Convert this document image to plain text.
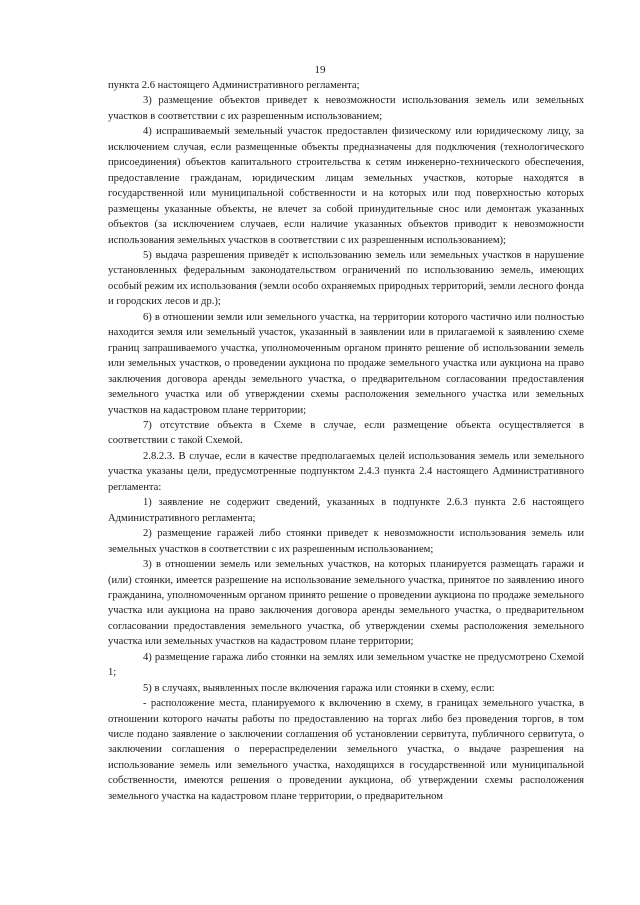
19

пункта 2.6 настоящего Административного регламента;

3) размещение объектов приведет к невозможности использования земель или земельных участков в соответствии с их разрешенным использованием;

4) испрашиваемый земельный участок предоставлен физическому или юридическому лицу, за исключением случая, если размещенные объекты предназначены для подключения (технологического присоединения) объектов капитального строительства к сетям инженерно-технического обеспечения, предоставление гражданам, юридическим лицам земельных участков, которые находятся в государственной или муниципальной собственности и на которых или под поверхностью которых размещены указанные объекты, не влечет за собой принудительные снос или демонтаж указанных объектов (за исключением случаев, если наличие указанных объектов приводит к невозможности использования земельных участков в соответствии с их разрешенным использованием);

5) выдача разрешения приведёт к использованию земель или земельных участков в нарушение установленных федеральным законодательством ограничений по использованию земель, имеющих особый режим их использования (земли особо охраняемых природных территорий, земли лесного фонда и городских лесов и др.);

6) в отношении земли или земельного участка, на территории которого частично или полностью находится земля или земельный участок, указанный в заявлении или в прилагаемой к заявлению схеме границ запрашиваемого участка, уполномоченным органом принято решение об использовании земель или земельных участков, о проведении аукциона по продаже земельного участка или аукциона на право заключения договора аренды земельного участка, о предварительном согласовании предоставления земельного участка или об утверждении схемы расположения земельного участка или земельных участков на кадастровом плане территории;

7) отсутствие объекта в Схеме в случае, если размещение объекта осуществляется в соответствии с такой Схемой.

2.8.2.3. В случае, если в качестве предполагаемых целей использования земель или земельного участка указаны цели, предусмотренные подпунктом 2.4.3 пункта 2.4 настоящего Административного регламента:

1) заявление не содержит сведений, указанных в подпункте 2.6.3 пункта 2.6 настоящего Административного регламента;

2) размещение гаражей либо стоянки приведет к невозможности использования земель или земельных участков в соответствии с их разрешенным использованием;

3) в отношении земель или земельных участков, на которых планируется размещать гаражи и (или) стоянки, имеется разрешение на использование земельного участка, принятое по заявлению иного гражданина, уполномоченным органом принято решение о проведении аукциона по продаже земельного участка или аукциона на право заключения договора аренды земельного участка, о предварительном согласовании предоставления земельного участка, об утверждении схемы расположения земельного участка или земельных участков на кадастровом плане территории;

4) размещение гаража либо стоянки на землях или земельном участке не предусмотрено Схемой 1;

5) в случаях, выявленных после включения гаража или стоянки в схему, если:

- расположение места, планируемого к включению в схему, в границах земельного участка, в отношении которого начаты работы по предоставлению на торгах либо без проведения торгов, в том числе подано заявление о заключении соглашения об установлении сервитута, публичного сервитута, о заключении соглашения о перераспределении земельного участка, о выдаче разрешения на использование земель или земельного участка, находящихся в государственной или муниципальной собственности, имеются решения о проведении аукциона, об утверждении схемы расположения земельного участка на кадастровом плане территории, о предварительном
